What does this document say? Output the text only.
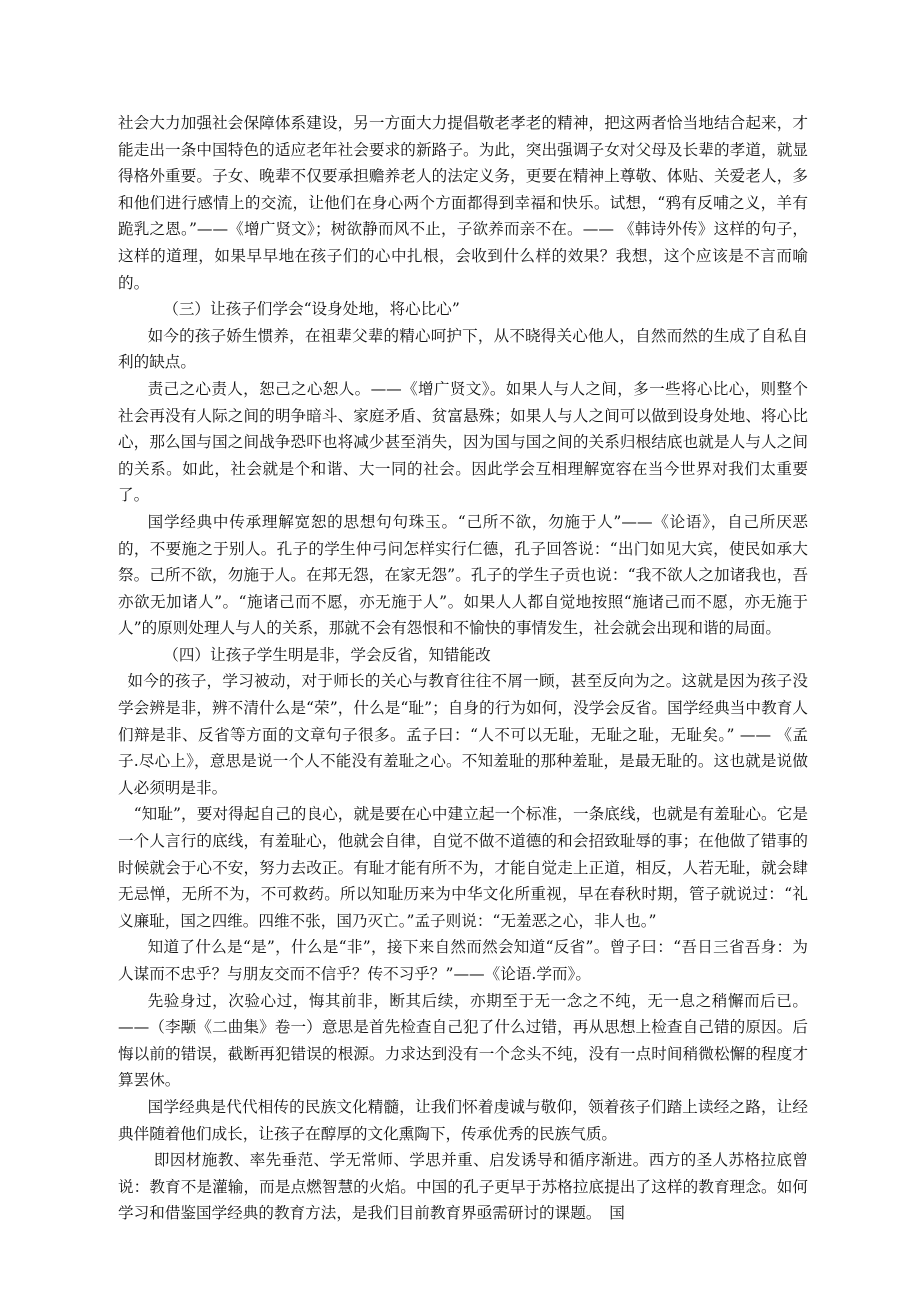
社会大力加强社会保障体系建设，另一方面大力提倡敬老孝老的精神，把这两者恰当地结合起来，才能走出一条中国特色的适应老年社会要求的新路子。为此，突出强调子女对父母及长辈的孝道，就显得格外重要。子女、晚辈不仅要承担赡养老人的法定义务，更要在精神上尊敬、体贴、关爱老人，多和他们进行感情上的交流，让他们在身心两个方面都得到幸福和快乐。试想，“鸦有反哺之义，羊有跪乳之恩。”——《增广贤文》；树欲静而风不止，子欲养而亲不在。—— 《韩诗外传》这样的句子，这样的道理，如果早早地在孩子们的心中扎根，会收到什么样的效果？我想，这个应该是不言而喻的。

（三）让孩子们学会“设身处地，将心比心”

如今的孩子娇生惯养，在祖辈父辈的精心呵护下，从不晓得关心他人，自然而然的生成了自私自利的缺点。

责己之心责人，恕己之心恕人。——《增广贤文》。如果人与人之间，多一些将心比心，则整个社会再没有人际之间的明争暗斗、家庭矛盾、贫富悬殊；如果人与人之间可以做到设身处地、将心比心，那么国与国之间战争恐吓也将减少甚至消失，因为国与国之间的关系归根结底也就是人与人之间的关系。如此，社会就是个和谐、大一同的社会。因此学会互相理解宽容在当今世界对我们太重要了。

国学经典中传承理解宽恕的思想句句珠玉。“己所不欲，勿施于人”——《论语》，自己所厌恶的，不要施之于别人。孔子的学生仲弓问怎样实行仁德，孔子回答说：“出门如见大宾，使民如承大祭。己所不欲，勿施于人。在邦无怨，在家无怨”。孔子的学生子贡也说：“我不欲人之加诸我也，吾亦欲无加诸人”。“施诸己而不愿，亦无施于人”。如果人人都自觉地按照“施诸己而不愿，亦无施于人”的原则处理人与人的关系，那就不会有怨恨和不愉快的事情发生，社会就会出现和谐的局面。

（四）让孩子学生明是非，学会反省，知错能改

如今的孩子，学习被动，对于师长的关心与教育往往不屑一顾，甚至反向为之。这就是因为孩子没学会辨是非，辨不清什么是“荣”，什么是“耻”；自身的行为如何，没学会反省。国学经典当中教育人们辩是非、反省等方面的文章句子很多。孟子曰：“人不可以无耻，无耻之耻，无耻矣。” —— 《孟子.尽心上》，意思是说一个人不能没有羞耻之心。不知羞耻的那种羞耻，是最无耻的。这也就是说做人必须明是非。

“知耻”，要对得起自己的良心，就是要在心中建立起一个标准，一条底线，也就是有羞耻心。它是一个人言行的底线，有羞耻心，他就会自律，自觉不做不道德的和会招致耻辱的事；在他做了错事的时候就会于心不安，努力去改正。有耻才能有所不为，才能自觉走上正道，相反，人若无耻，就会肆无忌惮，无所不为，不可救药。所以知耻历来为中华文化所重视，早在春秋时期，管子就说过：“礼义廉耻，国之四维。四维不张，国乃灭亡。”孟子则说：“无羞恶之心，非人也。”

知道了什么是“是”，什么是“非”，接下来自然而然会知道“反省”。曾子曰：“吾日三省吾身：为人谋而不忠乎？与朋友交而不信乎？传不习乎？”——《论语.学而》。

先验身过，次验心过，悔其前非，断其后续，亦期至于无一念之不纯，无一息之稍懈而后已。——（李颙《二曲集》卷一）意思是首先检查自己犯了什么过错，再从思想上检查自己错的原因。后悔以前的错误，截断再犯错误的根源。力求达到没有一个念头不纯，没有一点时间稍微松懈的程度才算罢休。

国学经典是代代相传的民族文化精髓，让我们怀着虔诚与敬仰，领着孩子们踏上读经之路，让经典伴随着他们成长，让孩子在醇厚的文化熏陶下，传承优秀的民族气质。

即因材施教、率先垂范、学无常师、学思并重、启发诱导和循序渐进。西方的圣人苏格拉底曾说：教育不是灌输，而是点燃智慧的火焰。中国的孔子更早于苏格拉底提出了这样的教育理念。如何学习和借鉴国学经典的教育方法，是我们目前教育界亟需研讨的课题。　国
